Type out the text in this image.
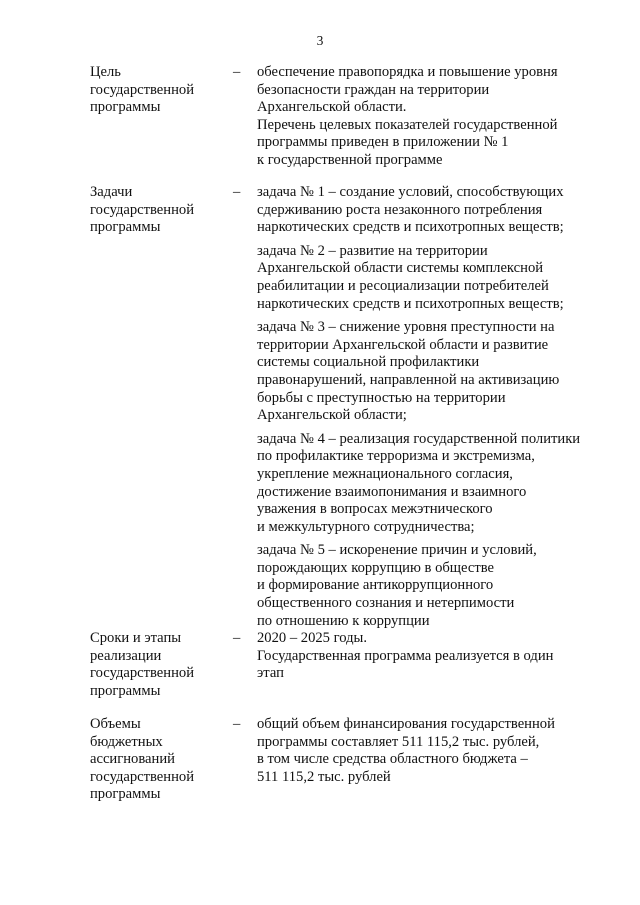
3
Цель
государственной
программы
–	обеспечение правопорядка и повышение уровня
безопасности граждан на территории
Архангельской области.

Перечень целевых показателей государственной
программы приведен в приложении № 1
к государственной программе

Задачи
государственной
программы
–	задача № 1 – создание условий, способствующих
сдерживанию роста незаконного потребления
наркотических средств и психотропных веществ;

задача № 2 – развитие на территории
Архангельской области системы комплексной
реабилитации и ресоциализации потребителей
наркотических средств и психотропных веществ;

задача № 3 – снижение уровня преступности на
территории Архангельской области и развитие
системы социальной профилактики
правонарушений, направленной на активизацию
борьбы с преступностью на территории
Архангельской области;

задача № 4 – реализация государственной политики
по профилактике терроризма и экстремизма,
укрепление межнационального согласия,
достижение взаимопонимания и взаимного
уважения в вопросах межэтнического
и межкультурного сотрудничества;

задача № 5 – искоренение причин и условий,
порождающих коррупцию в обществе
и формирование антикоррупционного
общественного сознания и нетерпимости
по отношению к коррупции

Сроки и этапы
реализации
государственной
программы
–	2020 – 2025 годы.

Государственная программа реализуется в один
этап

Объемы
бюджетных
ассигнований
государственной
программы
–	общий объем финансирования государственной
программы составляет 511 115,2 тыс. рублей,
в том числе средства областного бюджета –
511 115,2 тыс. рублей
